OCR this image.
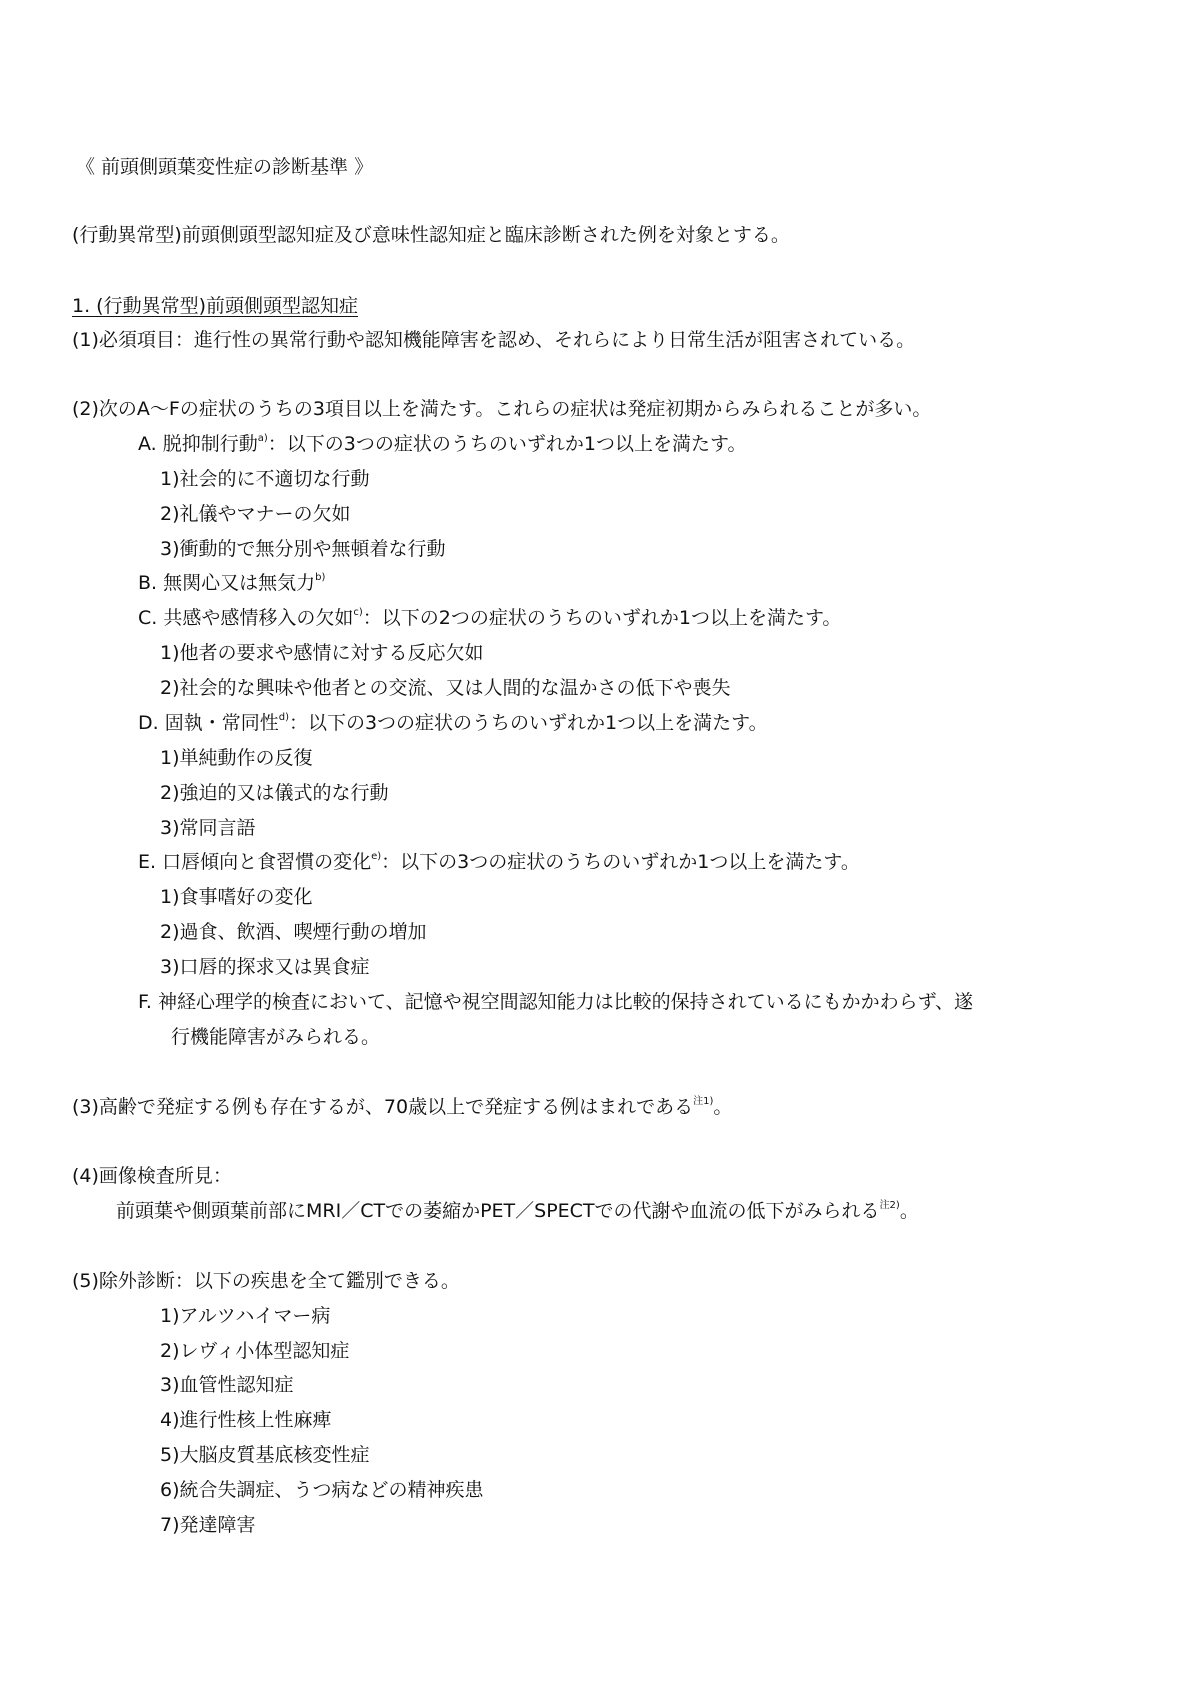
《 前頭側頭葉変性症の診断基準 》
(行動異常型)前頭側頭型認知症及び意味性認知症と臨床診断された例を対象とする。
1. (行動異常型)前頭側頭型認知症
(1)必須項目：進行性の異常行動や認知機能障害を認め、それらにより日常生活が阻害されている。
(2)次のA～Fの症状のうちの3項目以上を満たす。これらの症状は発症初期からみられることが多い。
A. 脱抑制行動$^{a)}$：以下の3つの症状のうちのいずれか1つ以上を満たす。
1)社会的に不適切な行動
2)礼儀やマナーの欠如
3)衝動的で無分別や無頓着な行動
B. 無関心又は無気力$^{b)}$
C. 共感や感情移入の欠如$^{c)}$：以下の2つの症状のうちのいずれか1つ以上を満たす。
1)他者の要求や感情に対する反応欠如
2)社会的な興味や他者との交流、又は人間的な温かさの低下や喪失
D. 固執・常同性$^{d)}$：以下の3つの症状のうちのいずれか1つ以上を満たす。
1)単純動作の反復
2)強迫的又は儀式的な行動
3)常同言語
E. 口唇傾向と食習慣の変化$^{e)}$：以下の3つの症状のうちのいずれか1つ以上を満たす。
1)食事嗜好の変化
2)過食、飲酒、喫煙行動の増加
3)口唇的探求又は異食症
F. 神経心理学的検査において、記憶や視空間認知能力は比較的保持されているにもかかわらず、遂
行機能障害がみられる。
(3)高齢で発症する例も存在するが、70歳以上で発症する例はまれである$^{注1)}$。
(4)画像検査所見：
前頭葉や側頭葉前部にMRI／CTでの萎縮かPET／SPECTでの代謝や血流の低下がみられる$^{注2)}$。
(5)除外診断：以下の疾患を全て鑑別できる。
1)アルツハイマー病
2)レヴィ小体型認知症
3)血管性認知症
4)進行性核上性麻痺
5)大脳皮質基底核変性症
6)統合失調症、うつ病などの精神疾患
7)発達障害
